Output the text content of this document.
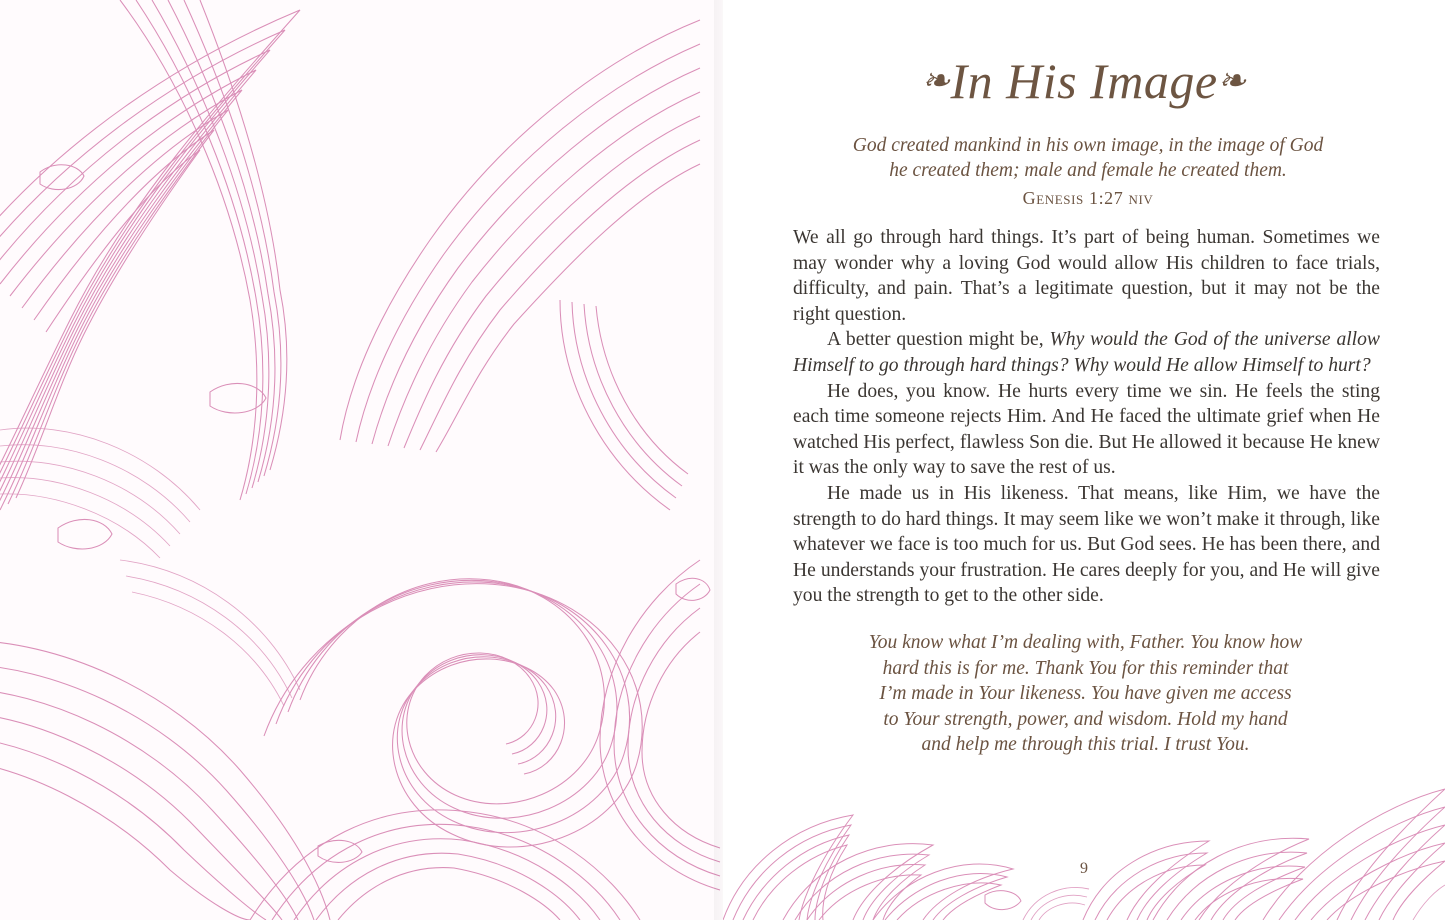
❧In His Image❧
God created mankind in his own image, in the image of God
he created them; male and female he created them.
Genesis 1:27 niv

We all go through hard things. It’s part of being human. Sometimes we may wonder why a loving God would allow His children to face trials, difficulty, and pain. That’s a legitimate question, but it may not be the right question.

A better question might be, Why would the God of the universe allow Himself to go through hard things? Why would He allow Himself to hurt?

He does, you know. He hurts every time we sin. He feels the sting each time someone rejects Him. And He faced the ultimate grief when He watched His perfect, flawless Son die. But He allowed it because He knew it was the only way to save the rest of us.

He made us in His likeness. That means, like Him, we have the strength to do hard things. It may seem like we won’t make it through, like whatever we face is too much for us. But God sees. He has been there, and He understands your frustration. He cares deeply for you, and He will give you the strength to get to the other side.

You know what I’m dealing with, Father. You know how
hard this is for me. Thank You for this reminder that
I’m made in Your likeness. You have given me access
to Your strength, power, and wisdom. Hold my hand
and help me through this trial. I trust You.
9
